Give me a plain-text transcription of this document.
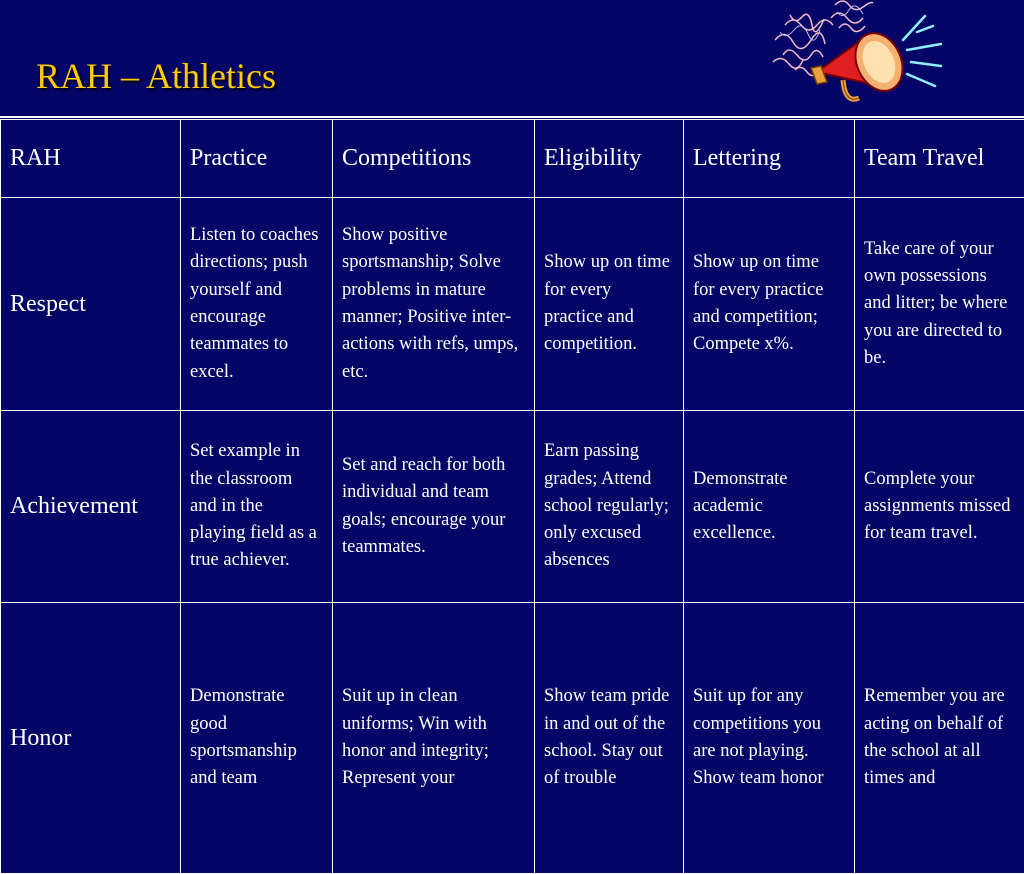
RAH – Athletics
RAH	Practice	Competitions	Eligibility	Lettering	Team Travel
Respect	Listen to coaches directions; push yourself and encourage teammates to excel.	Show positive sportsmanship; Solve problems in mature manner; Positive inter-actions with refs, umps, etc.	Show up on time for every practice and competition.	Show up on time for every practice and competition; Compete x%.	Take care of your own possessions and litter; be where you are directed to be.
Achievement	Set example in the classroom and in the playing field as a true achiever.	Set and reach for both individual and team goals; encourage your teammates.	Earn passing grades; Attend school regularly; only excused absences	Demonstrate academic excellence.	Complete your assignments missed for team travel.
Honor	Demonstrate good sportsmanship and team	Suit up in clean uniforms; Win with honor and integrity; Represent your	Show team pride in and out of the school. Stay out of trouble	Suit up for any competitions you are not playing. Show team honor	Remember you are acting on behalf of the school at all times and
